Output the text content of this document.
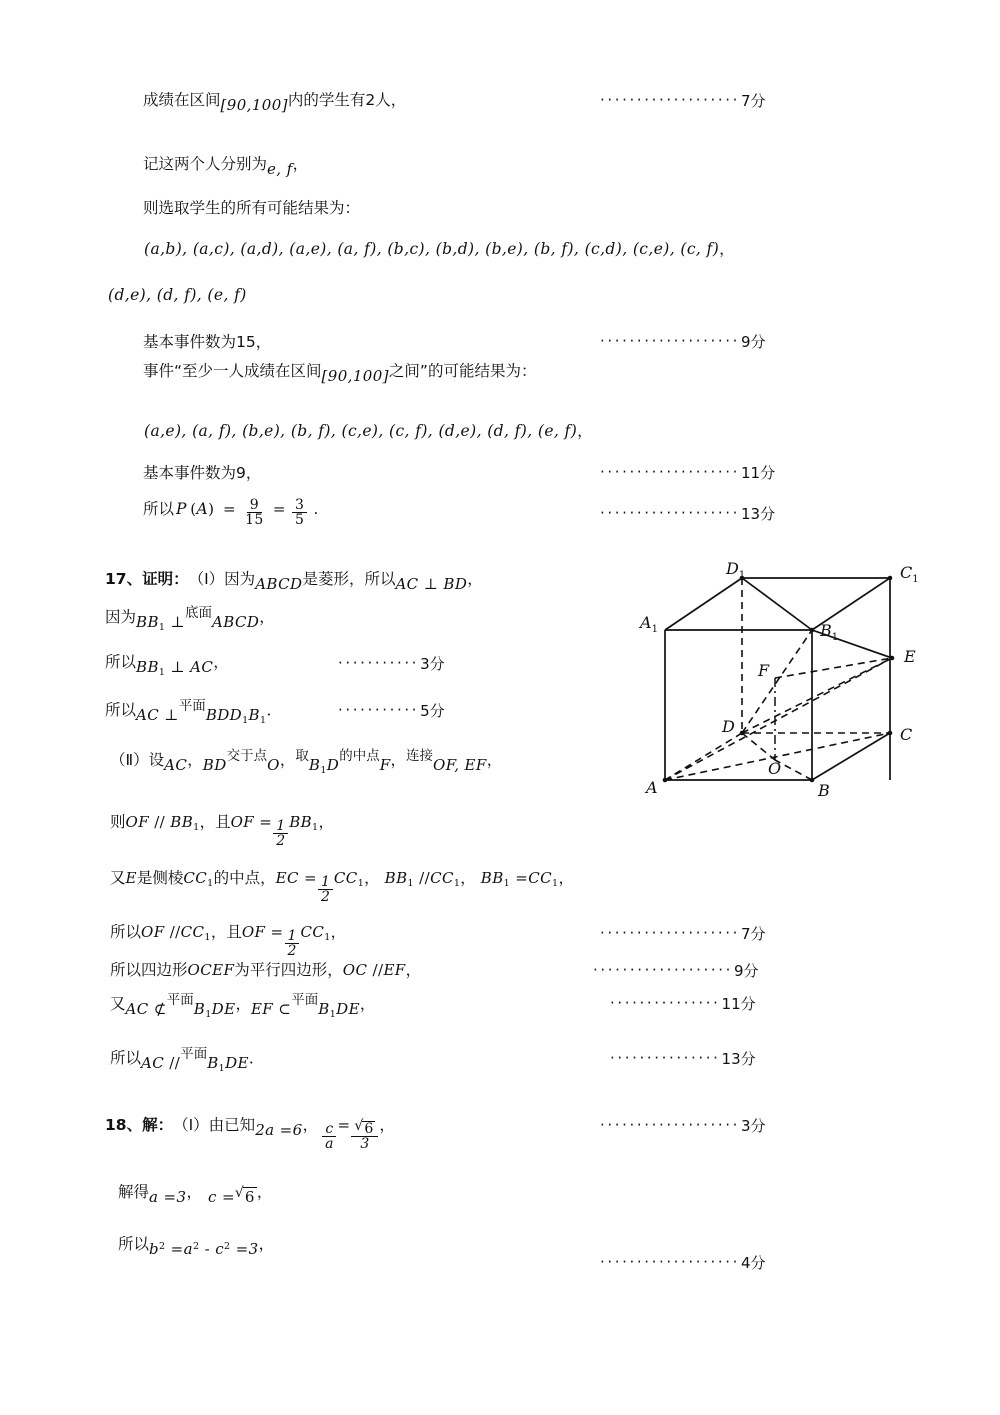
成绩在区间 [90,100] 内的学生有2人，	··················· 7分
记这两个人分别为 e, f ，
则选取学生的所有可能结果为：
(a,b), (a,c), (a,d), (a,e), (a, f), (b,c), (b,d), (b,e), (b, f), (c,d), (c,e), (c, f) ，
(d,e), (d, f), (e, f)
基本事件数为15，	··················· 9分
事件“至少一人成绩在区间 [90,100] 之间”的可能结果为：
(a,e), (a, f), (b,e), (b, f), (c,e), (c, f), (d,e), (d, f), (e, f) ，
基本事件数为9，	··················· 11分
所以 P $(A) = \frac{9}{15} = \frac{3}{5}$ .	··················· 13分
17、 证明： （Ⅰ） 因为 ABCD 是菱形，所以 AC ⊥ BD ，
因为 $BB_1$ ⊥ 底面 ABCD ，
所以 $BB_1$ ⊥ AC ，	··········· 3分
所以 AC ⊥ 平面 $BDD_1B_1$
．	··········· 5分
（Ⅱ） 设 AC ， BD 交于点 O ， 取 $B_1D$ 的中点 F ， 连接 OF, EF ，
则 OF // $BB_1$ ，且 OF = $\frac{1}{2} BB_1$ ，
又 E 是侧棱 $CC_1$ 的中点， EC = $\frac{1}{2} CC_1$ ， $BB_1$ $//CC_1$ ， $BB_1 =CC_1$ ，
所以 OF $//CC_1$ ，且 OF = $\frac{1}{2} CC_1$ ，	··················· 7分
所以四边形 OCEF 为平行四边形， OC //EF ，	··················· 9分
又 AC ⊄ 平面 $B_1DE$ ， EF ⊂ 平面 $B_1DE$ ，	··············· 11分
所以 AC // 平面 $B_1DE$ ．	··············· 13分
18、 解： （Ⅰ） 由已知 2a =6 ， $\frac{c}{a}$ = √ $\frac{6}{3}$ ，	··················· 3分
解得 a =3 ， c = √ 6 ，
所以 $b^2 =a^2 - c^2 =3$ ，
··················· 4分
A	B
C
D
$A_1$	$B_1$
$C_1$
$D_1$
E
F
O
